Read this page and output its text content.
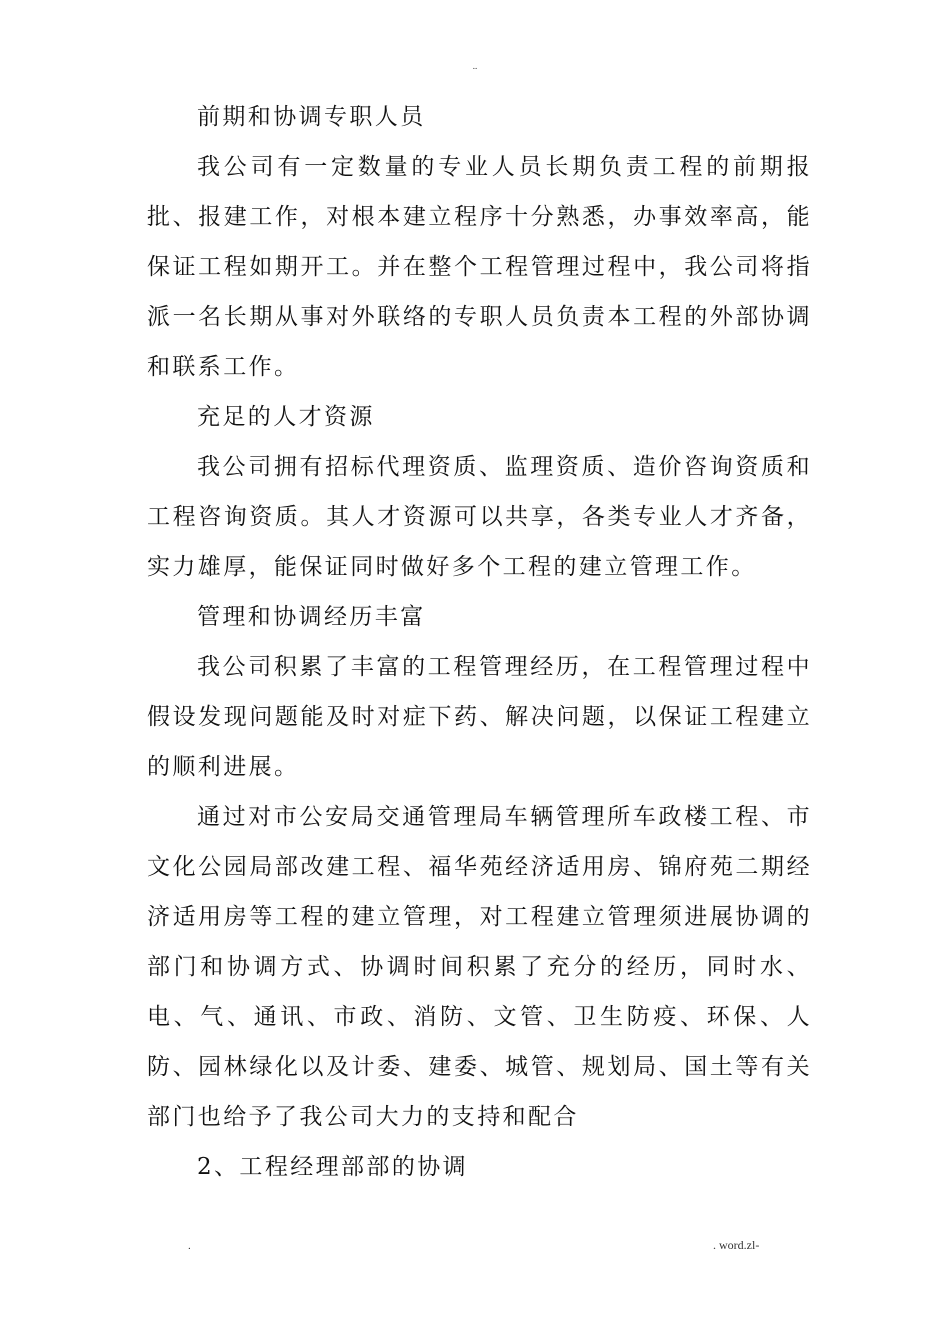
..

前期和协调专职人员

我公司有一定数量的专业人员长期负责工程的前期报批、报建工作，对根本建立程序十分熟悉，办事效率高，能保证工程如期开工。并在整个工程管理过程中，我公司将指派一名长期从事对外联络的专职人员负责本工程的外部协调和联系工作。

充足的人才资源

我公司拥有招标代理资质、监理资质、造价咨询资质和工程咨询资质。其人才资源可以共享，各类专业人才齐备，实力雄厚，能保证同时做好多个工程的建立管理工作。

管理和协调经历丰富

我公司积累了丰富的工程管理经历，在工程管理过程中假设发现问题能及时对症下药、解决问题，以保证工程建立的顺利进展。

通过对市公安局交通管理局车辆管理所车政楼工程、市文化公园局部改建工程、福华苑经济适用房、锦府苑二期经济适用房等工程的建立管理，对工程建立管理须进展协调的部门和协调方式、协调时间积累了充分的经历，同时水、电、气、通讯、市政、消防、文管、卫生防疫、环保、人防、园林绿化以及计委、建委、城管、规划局、国土等有关部门也给予了我公司大力的支持和配合

2、工程经理部部的协调

.	. word.zl-
